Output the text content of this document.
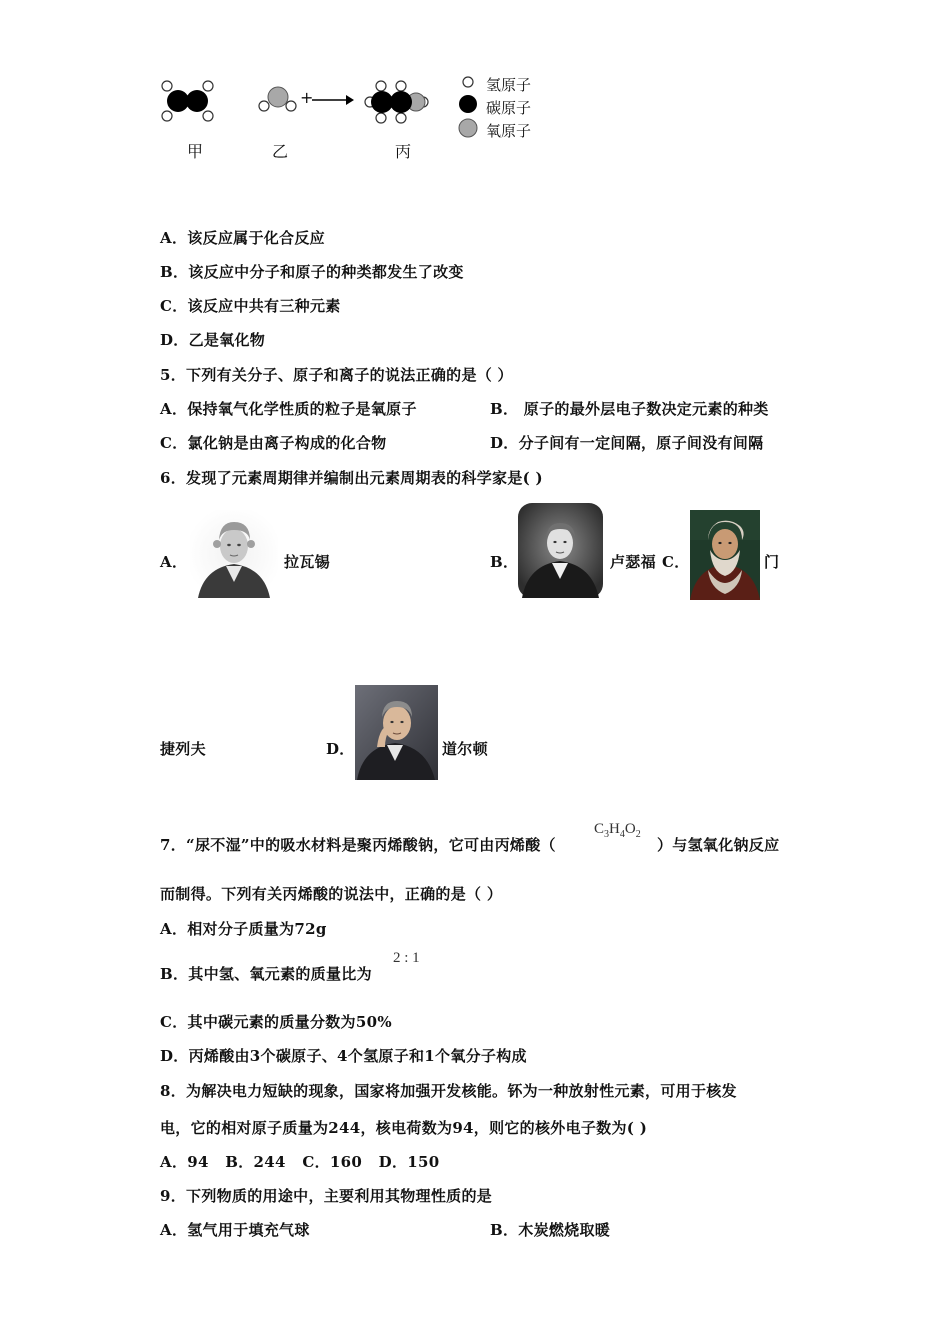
+
氢原子
碳原子
氧原子
甲	乙	丙
A．该反应属于化合反应
B．该反应中分子和原子的种类都发生了改变
C．该反应中共有三种元素
D．乙是氧化物
5．下列有关分子、原子和离子的说法正确的是（ ）
A．保持氧气化学性质的粒子是氧原子	B． 原子的最外层电子数决定元素的种类
C．氯化钠是由离子构成的化合物	D．分子间有一定间隔，原子间没有间隔
6．发现了元素周期律并编制出元素周期表的科学家是( )
A．	拉瓦锡	B．	卢瑟福 C．	门
捷列夫	D．	道尔顿
7．“尿不湿”中的吸水材料是聚丙烯酸钠，它可由丙烯酸（
$C_3H_4O_2$
）与氢氧化钠反应
而制得。下列有关丙烯酸的说法中，正确的是（ ）
A．相对分子质量为72g
B．其中氢、氧元素的质量比为
2 : 1
C．其中碳元素的质量分数为50%
D．丙烯酸由3个碳原子、4个氢原子和1个氧分子构成
8．为解决电力短缺的现象，国家将加强开发核能。钚为一种放射性元素，可用于核发
电，它的相对原子质量为244，核电荷数为94，则它的核外电子数为( )
A．94   B．244   C．160   D．150
9．下列物质的用途中，主要利用其物理性质的是
A．氢气用于填充气球	B．木炭燃烧取暖
